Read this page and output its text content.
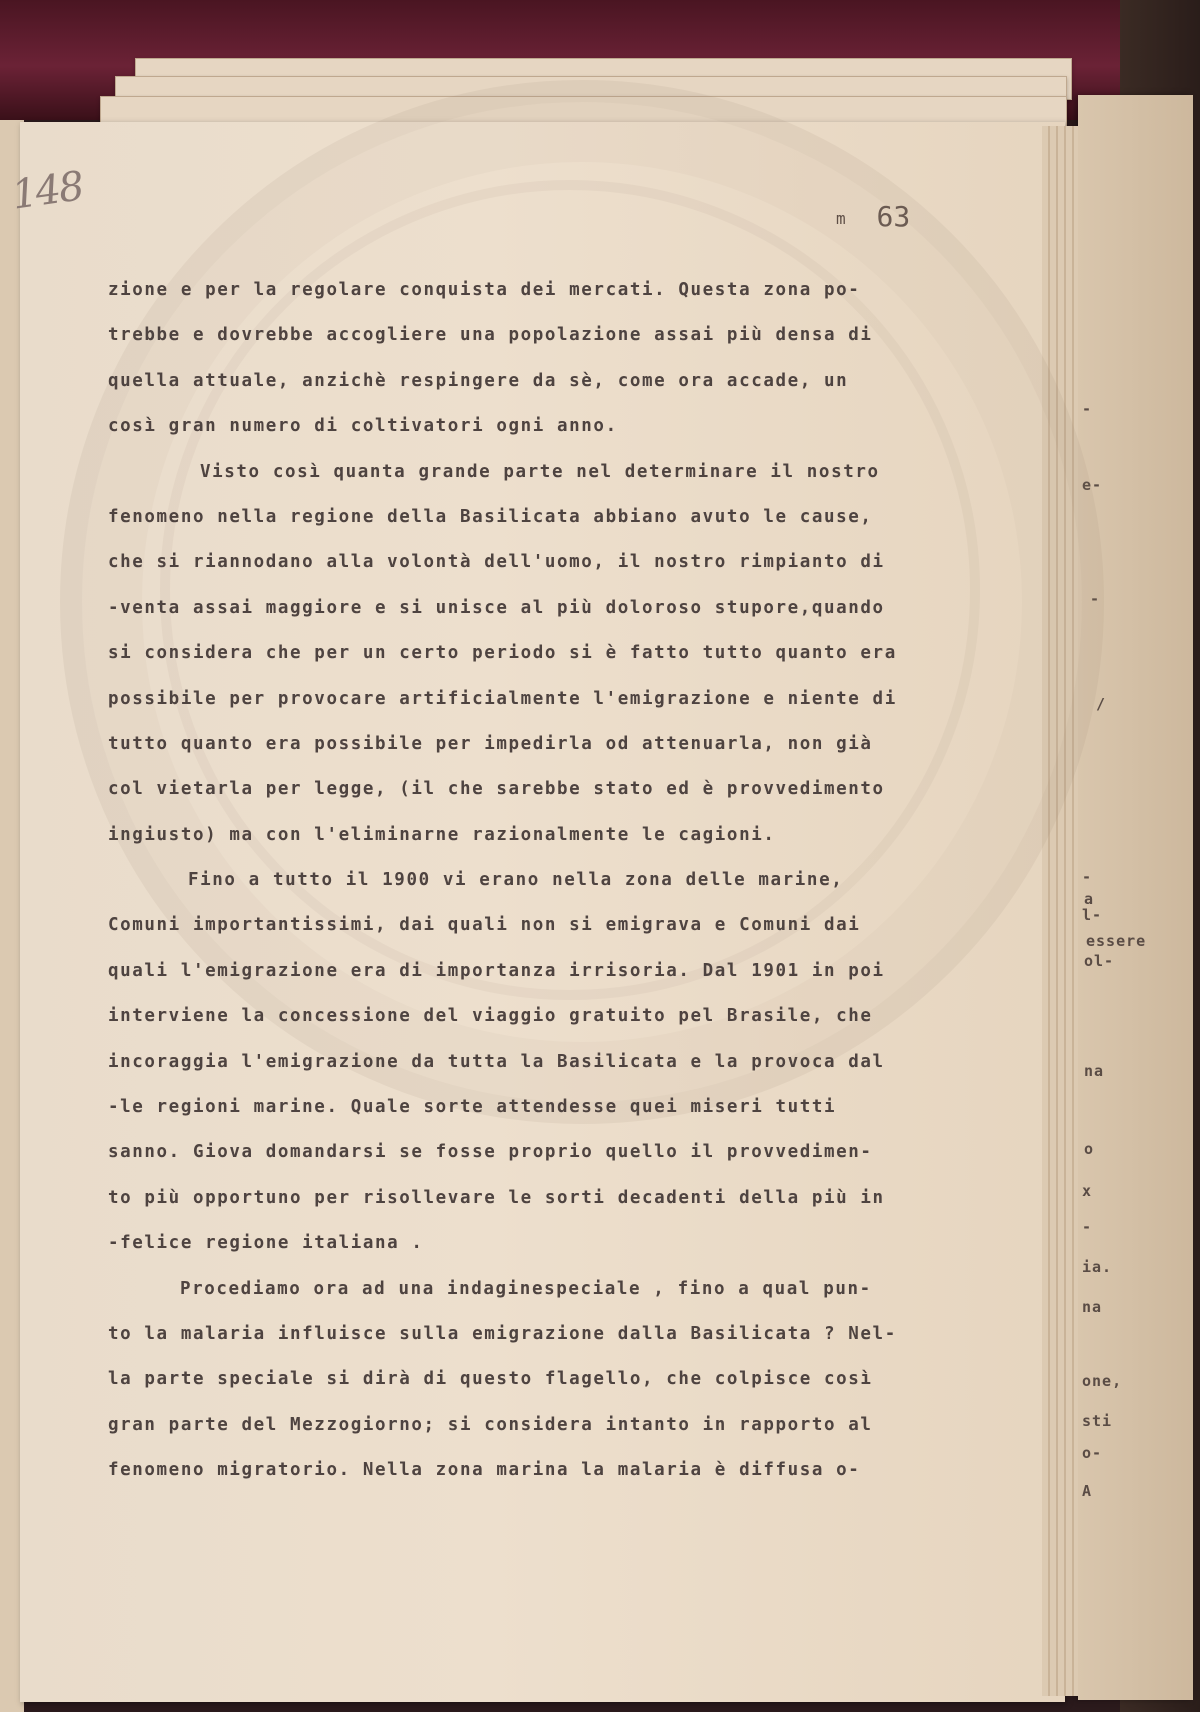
-
e-
-
/
-
a
l-
essere
ol-
na
o
x
-
ia.
na
one,
sti
o-
A
148	m 63
zione e per la regolare conquista dei mercati. Questa zona po-
trebbe e dovrebbe accogliere una popolazione assai più densa di
quella attuale, anzichè respingere da sè, come ora accade, un
così gran numero di coltivatori ogni anno.
Visto così quanta grande parte nel determinare il nostro
fenomeno nella regione della Basilicata abbiano avuto le cause,
che si riannodano alla volontà dell'uomo, il nostro rimpianto di
-venta assai maggiore e si unisce al più doloroso stupore,quando
si considera che per un certo periodo si è fatto tutto quanto era
possibile per provocare artificialmente l'emigrazione e niente di
tutto quanto era possibile per impedirla od attenuarla, non già
col vietarla per legge, (il che sarebbe stato ed è provvedimento
ingiusto) ma con l'eliminarne razionalmente le cagioni.
Fino a tutto il 1900 vi erano nella zona delle marine,
Comuni importantissimi, dai quali non si emigrava e Comuni dai
quali l'emigrazione era di importanza irrisoria. Dal 1901 in poi
interviene la concessione del viaggio gratuito pel Brasile, che
incoraggia l'emigrazione da tutta la Basilicata e la provoca dal
-le regioni marine. Quale sorte attendesse quei miseri tutti
sanno. Giova domandarsi se fosse proprio quello il provvedimen-
to più opportuno per risollevare le sorti decadenti della più in
-felice regione italiana .
Procediamo ora ad una indaginespeciale , fino a qual pun-
to la malaria influisce sulla emigrazione dalla Basilicata ? Nel-
la parte speciale si dirà di questo flagello, che colpisce così
gran parte del Mezzogiorno; si considera intanto in rapporto al
fenomeno migratorio. Nella zona marina la malaria è diffusa o-
